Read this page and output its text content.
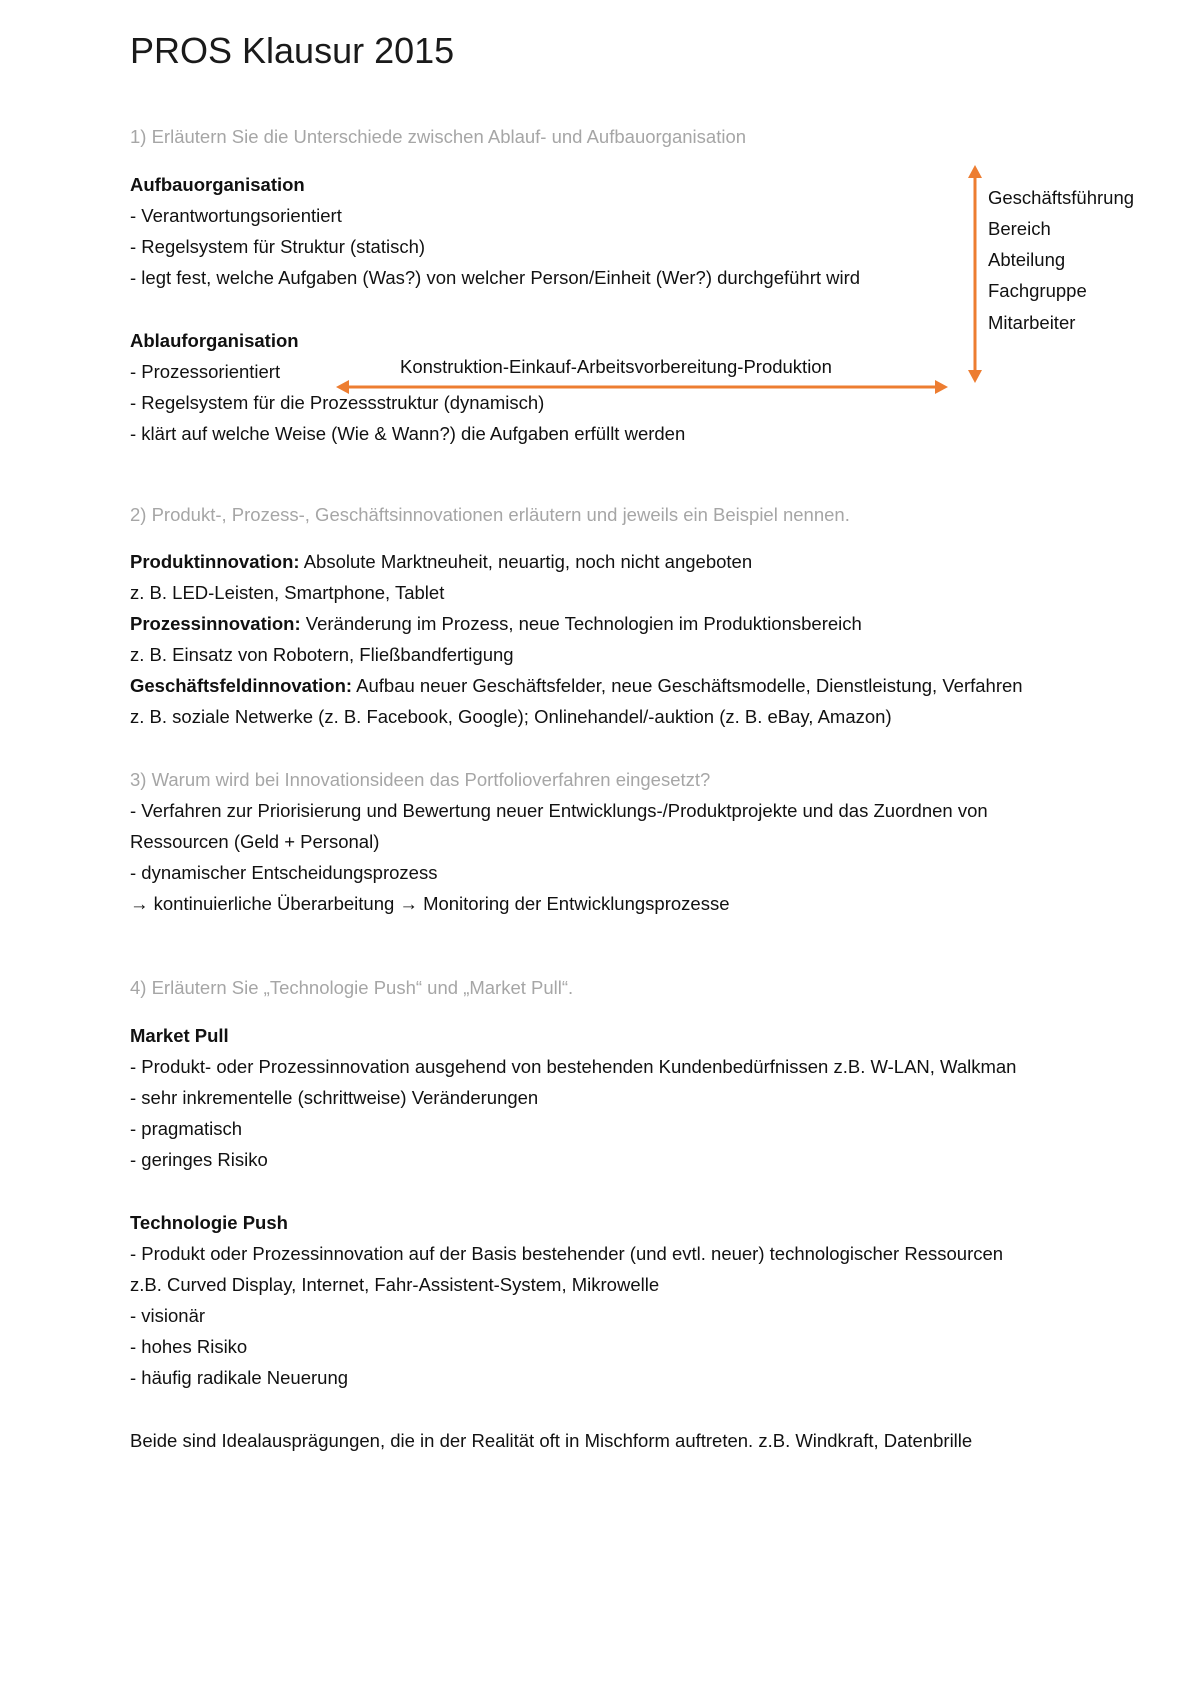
PROS Klausur 2015
1) Erläutern Sie die Unterschiede zwischen Ablauf- und Aufbauorganisation
Aufbauorganisation
- Verantwortungsorientiert
- Regelsystem für Struktur (statisch)
- legt fest, welche Aufgaben (Was?) von welcher Person/Einheit (Wer?) durchgeführt wird
Ablauforganisation
- Prozessorientiert
- Regelsystem für die Prozessstruktur (dynamisch)
- klärt auf welche Weise (Wie & Wann?) die Aufgaben erfüllt werden
Geschäftsführung
Bereich
Abteilung
Fachgruppe
Mitarbeiter
Konstruktion-Einkauf-Arbeitsvorbereitung-Produktion
2) Produkt-, Prozess-, Geschäftsinnovationen erläutern und jeweils ein Beispiel nennen.
Produktinnovation: Absolute Marktneuheit, neuartig, noch nicht angeboten
z. B. LED-Leisten, Smartphone, Tablet
Prozessinnovation: Veränderung im Prozess, neue Technologien im Produktionsbereich
z. B. Einsatz von Robotern, Fließbandfertigung
Geschäftsfeldinnovation: Aufbau neuer Geschäftsfelder, neue Geschäftsmodelle, Dienstleistung, Verfahren
z. B. soziale Netwerke (z. B. Facebook, Google); Onlinehandel/-auktion (z. B. eBay, Amazon)
3) Warum wird bei Innovationsideen das Portfolioverfahren eingesetzt?
- Verfahren zur Priorisierung und Bewertung neuer Entwicklungs-/Produktprojekte und das Zuordnen von
Ressourcen (Geld + Personal)
- dynamischer Entscheidungsprozess
→ kontinuierliche Überarbeitung → Monitoring der Entwicklungsprozesse
4) Erläutern Sie „Technologie Push“ und „Market Pull“.
Market Pull
- Produkt- oder Prozessinnovation ausgehend von bestehenden Kundenbedürfnissen z.B. W-LAN, Walkman
- sehr inkrementelle (schrittweise) Veränderungen
- pragmatisch
- geringes Risiko
Technologie Push
- Produkt oder Prozessinnovation auf der Basis bestehender (und evtl. neuer) technologischer Ressourcen
z.B. Curved Display, Internet, Fahr-Assistent-System, Mikrowelle
- visionär
- hohes Risiko
- häufig radikale Neuerung
Beide sind Idealausprägungen, die in der Realität oft in Mischform auftreten. z.B. Windkraft, Datenbrille
